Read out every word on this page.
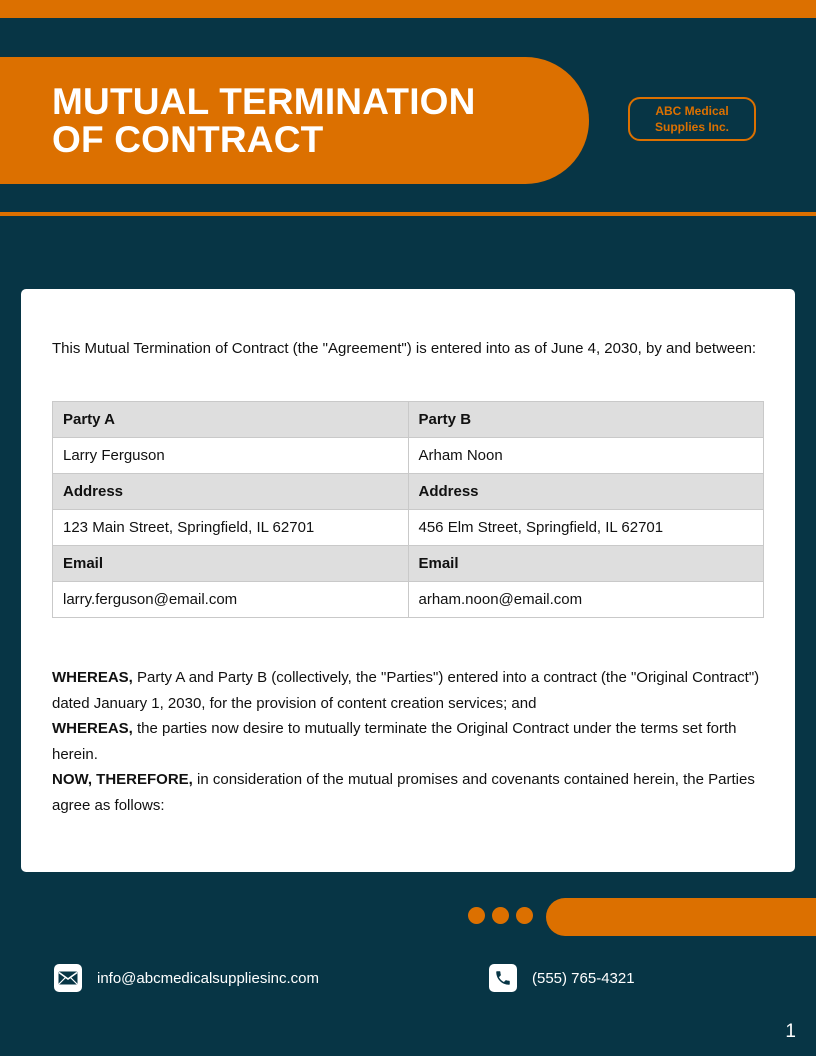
MUTUAL TERMINATION
OF CONTRACT
ABC Medical
Supplies Inc.

This Mutual Termination of Contract (the "Agreement") is entered into as of June 4, 2030, by and between:

Party A	Party B
Larry Ferguson	Arham Noon
Address	Address
123 Main Street, Springfield, IL 62701	456 Elm Street, Springfield, IL 62701
Email	Email
larry.ferguson@email.com	arham.noon@email.com

WHEREAS, Party A and Party B (collectively, the "Parties") entered into a contract (the "Original Contract") dated January 1, 2030, for the provision of content creation services; and
WHEREAS, the parties now desire to mutually terminate the Original Contract under the terms set forth herein.
NOW, THEREFORE, in consideration of the mutual promises and covenants contained herein, the Parties agree as follows:

info@abcmedicalsuppliesinc.com	(555) 765-4321
1
